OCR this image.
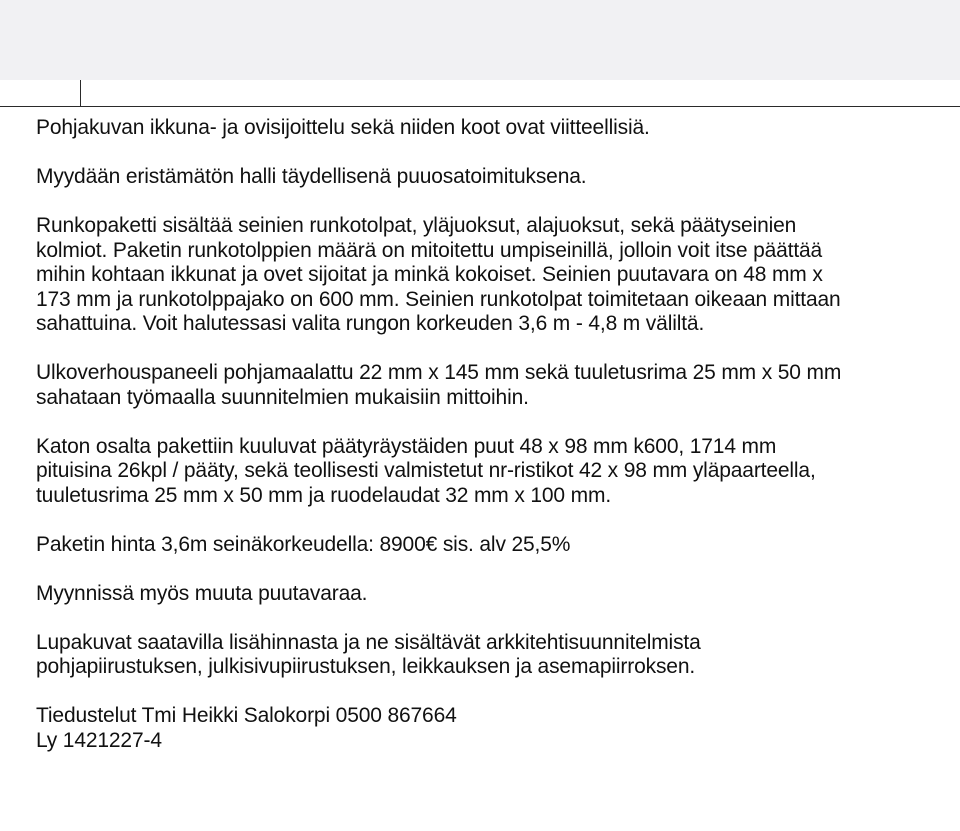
Pohjakuvan ikkuna- ja ovisijoittelu sekä niiden koot ovat viitteellisiä.

Myydään eristämätön halli täydellisenä puuosatoimituksena.

Runkopaketti sisältää seinien runkotolpat, yläjuoksut, alajuoksut, sekä päätyseinien
kolmiot. Paketin runkotolppien määrä on mitoitettu umpiseinillä, jolloin voit itse päättää
mihin kohtaan ikkunat ja ovet sijoitat ja minkä kokoiset. Seinien puutavara on 48 mm x
173 mm ja runkotolppajako on 600 mm. Seinien runkotolpat toimitetaan oikeaan mittaan
sahattuina. Voit halutessasi valita rungon korkeuden 3,6 m - 4,8 m väliltä.

Ulkoverhouspaneeli pohjamaalattu 22 mm x 145 mm sekä tuuletusrima 25 mm x 50 mm
sahataan työmaalla suunnitelmien mukaisiin mittoihin.

Katon osalta pakettiin kuuluvat päätyräystäiden puut 48 x 98 mm k600, 1714 mm
pituisina 26kpl / pääty, sekä teollisesti valmistetut nr-ristikot 42 x 98 mm yläpaarteella,
tuuletusrima 25 mm x 50 mm ja ruodelaudat 32 mm x 100 mm.

Paketin hinta 3,6m seinäkorkeudella: 8900€ sis. alv 25,5%

Myynnissä myös muuta puutavaraa.

Lupakuvat saatavilla lisähinnasta ja ne sisältävät arkkitehtisuunnitelmista
pohjapiirustuksen, julkisivupiirustuksen, leikkauksen ja asemapiirroksen.

Tiedustelut Tmi Heikki Salokorpi 0500 867664
Ly 1421227-4
